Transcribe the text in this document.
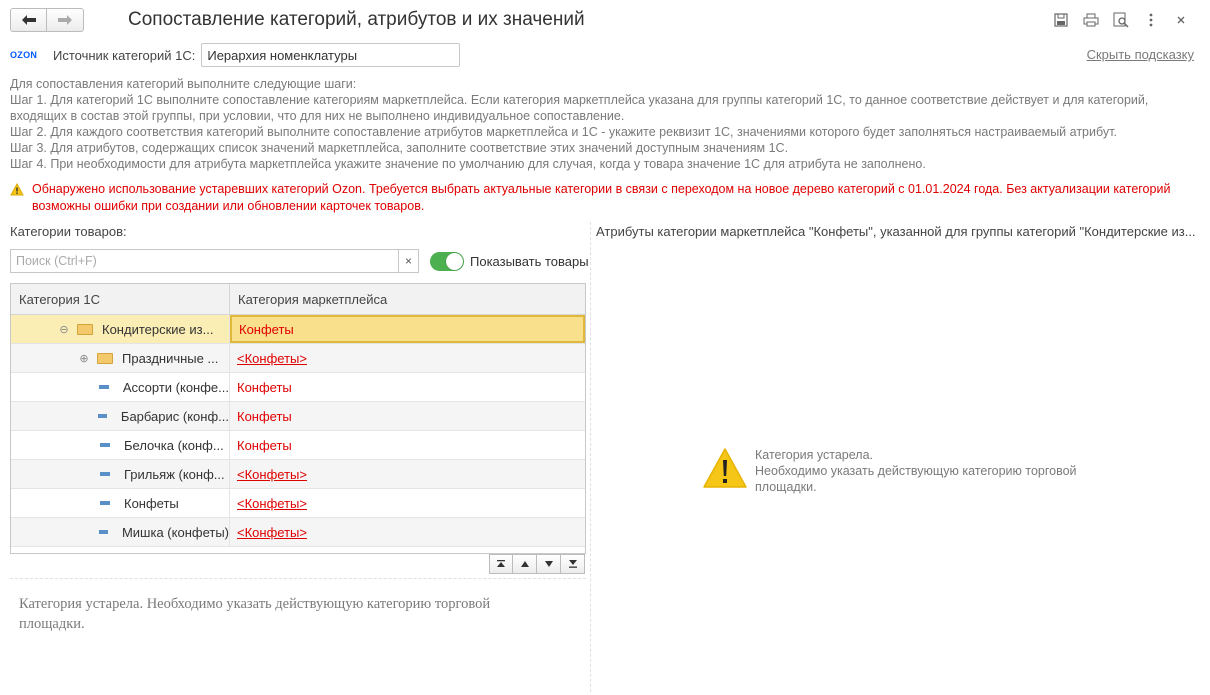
Сопоставление категорий, атрибутов и их значений
OZON	Источник категорий 1С: Иерархия номенклатуры	Скрыть подсказку
Для сопоставления категорий выполните следующие шаги:
Шаг 1. Для категорий 1С выполните сопоставление категориям маркетплейса. Если категория маркетплейса указана для группы категорий 1С, то данное соответствие действует и для категорий,
входящих в состав этой группы, при условии, что для них не выполнено индивидуальное сопоставление.
Шаг 2. Для каждого соответствия категорий выполните сопоставление атрибутов маркетплейса и 1С - укажите реквизит 1С, значениями которого будет заполняться настраиваемый атрибут.
Шаг 3. Для атрибутов, содержащих список значений маркетплейса, заполните соответствие этих значений доступным значениям 1С.
Шаг 4. При необходимости для атрибута маркетплейса укажите значение по умолчанию для случая, когда у товара значение 1С для атрибута не заполнено.
Обнаружено использование устаревших категорий Ozon. Требуется выбрать актуальные категории в связи с переходом на новое дерево категорий с 01.01.2024 года. Без актуализации категорий возможны ошибки при создании или обновлении карточек товаров.
Категории товаров:
Поиск (Ctrl+F)	×	Показывать товары
Категория 1С	Категория маркетплейса
⊖	Кондитерские из... Конфеты
⊕	Праздничные ... <Конфеты>
Ассорти (конфе... Конфеты
Барбарис (конф... Конфеты
Белочка (конф... Конфеты
Грильяж (конф... <Конфеты>
Конфеты	<Конфеты>
Мишка (конфеты) <Конфеты>
Категория устарела. Необходимо указать действующую категорию торговой площадки.
Атрибуты категории маркетплейса "Конфеты", указанной для группы категорий "Кондитерские из...
Категория устарела.
Необходимо указать действующую категорию торговой площадки.
